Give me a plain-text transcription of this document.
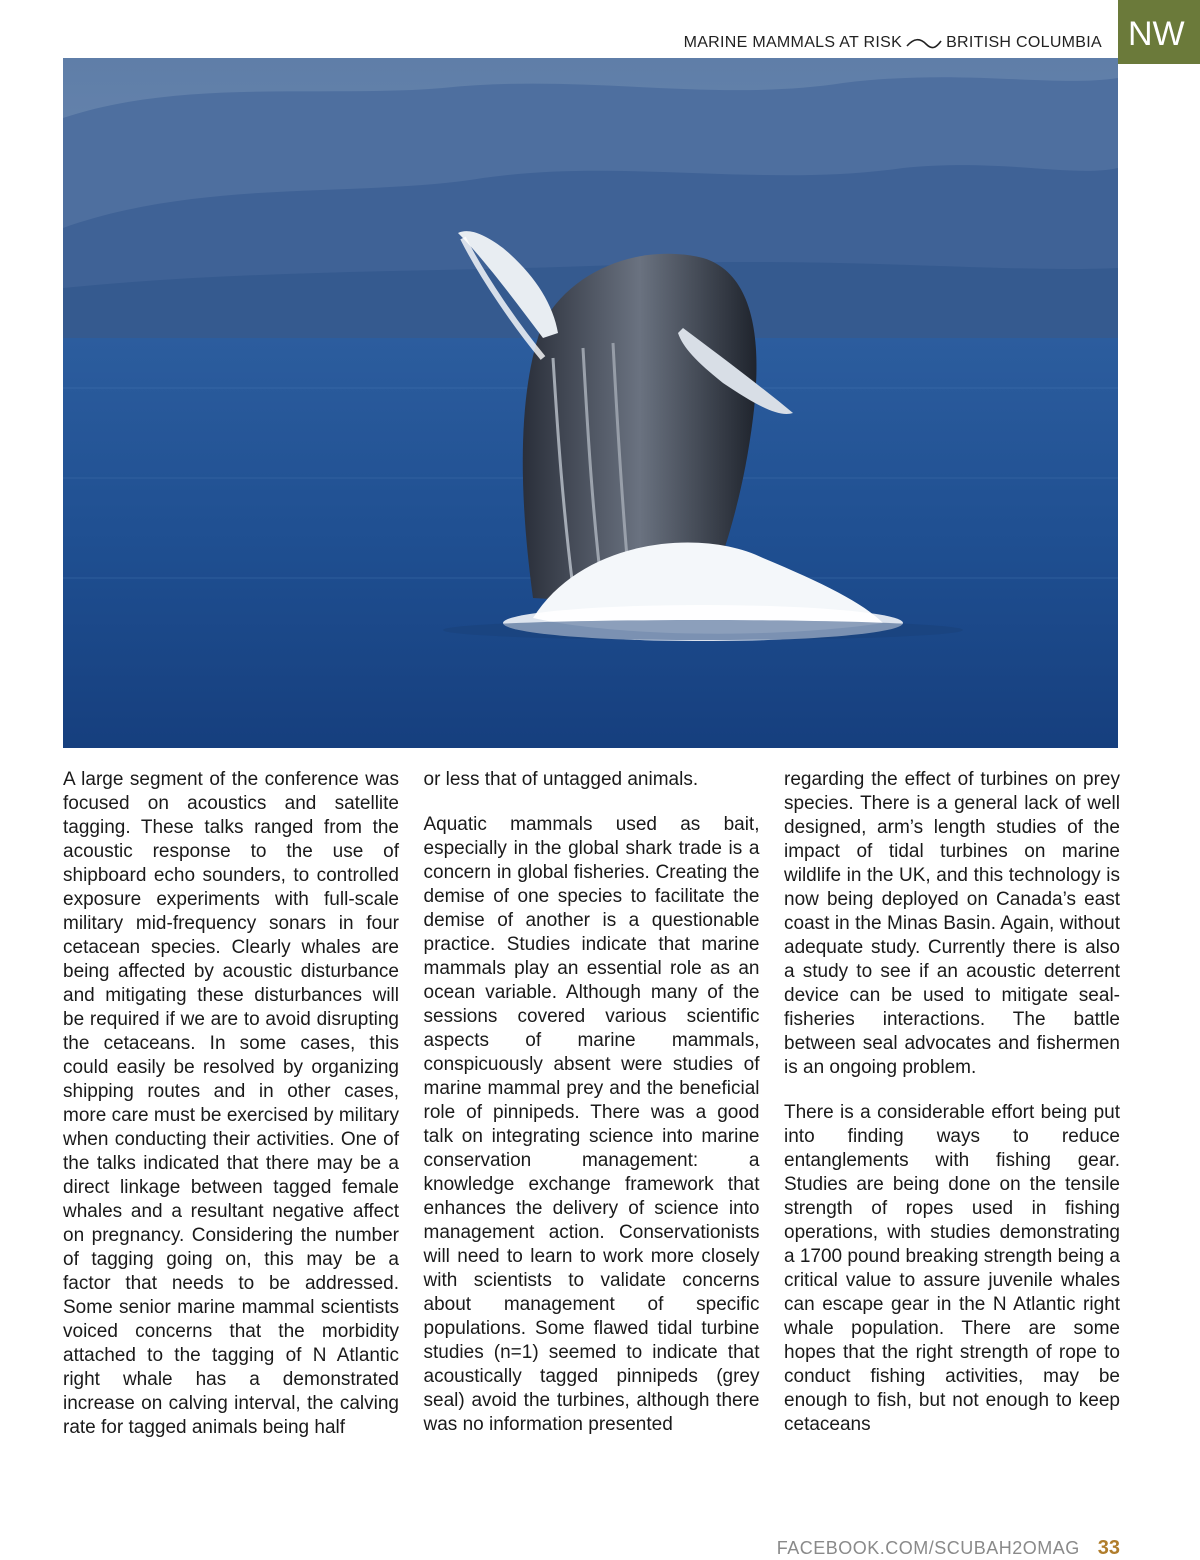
MARINE MAMMALS AT RISK	BRITISH COLUMBIA NW

A large segment of the conference was focused on acoustics and satellite tagging. These talks ranged from the acoustic response to the use of shipboard echo sounders, to controlled exposure experiments with full-scale military mid-frequency sonars in four cetacean species. Clearly whales are being affected by acoustic disturbance and mitigating these disturbances will be required if we are to avoid disrupting the cetaceans. In some cases, this could easily be resolved by organizing shipping routes and in other cases, more care must be exercised by military when conducting their activities. One of the talks indicated that there may be a direct linkage between tagged female whales and a resultant negative affect on pregnancy. Considering the number of tagging going on, this may be a factor that needs to be addressed. Some senior marine mammal scientists voiced concerns that the morbidity attached to the tagging of N Atlantic right whale has a demonstrated increase on calving interval, the calving rate for tagged animals being half

or less that of untagged animals.

Aquatic mammals used as bait, especially in the global shark trade is a concern in global fisheries. Creating the demise of one species to facilitate the demise of another is a questionable practice. Studies indicate that marine mammals play an essential role as an ocean variable. Although many of the sessions covered various scientific aspects of marine mammals, conspicuously absent were studies of marine mammal prey and the beneficial role of pinnipeds. There was a good talk on integrating science into marine conservation management: a knowledge exchange framework that enhances the delivery of science into management action. Conservationists will need to learn to work more closely with scientists to validate concerns about management of specific populations. Some flawed tidal turbine studies (n=1) seemed to indicate that acoustically tagged pinnipeds (grey seal) avoid the turbines, although there was no information presented

regarding the effect of turbines on prey species. There is a general lack of well designed, arm’s length studies of the impact of tidal turbines on marine wildlife in the UK, and this technology is now being deployed on Canada’s east coast in the Minas Basin. Again, without adequate study. Currently there is also a study to see if an acoustic deterrent device can be used to mitigate seal-fisheries interactions. The battle between seal advocates and fishermen is an ongoing problem.

There is a considerable effort being put into finding ways to reduce entanglements with fishing gear. Studies are being done on the tensile strength of ropes used in fishing operations, with studies demonstrating a 1700 pound breaking strength being a critical value to assure juvenile whales can escape gear in the N Atlantic right whale population. There are some hopes that the right strength of rope to conduct fishing activities, may be enough to fish, but not enough to keep cetaceans

FACEBOOK.COM/SCUBAH2OMAG 33
